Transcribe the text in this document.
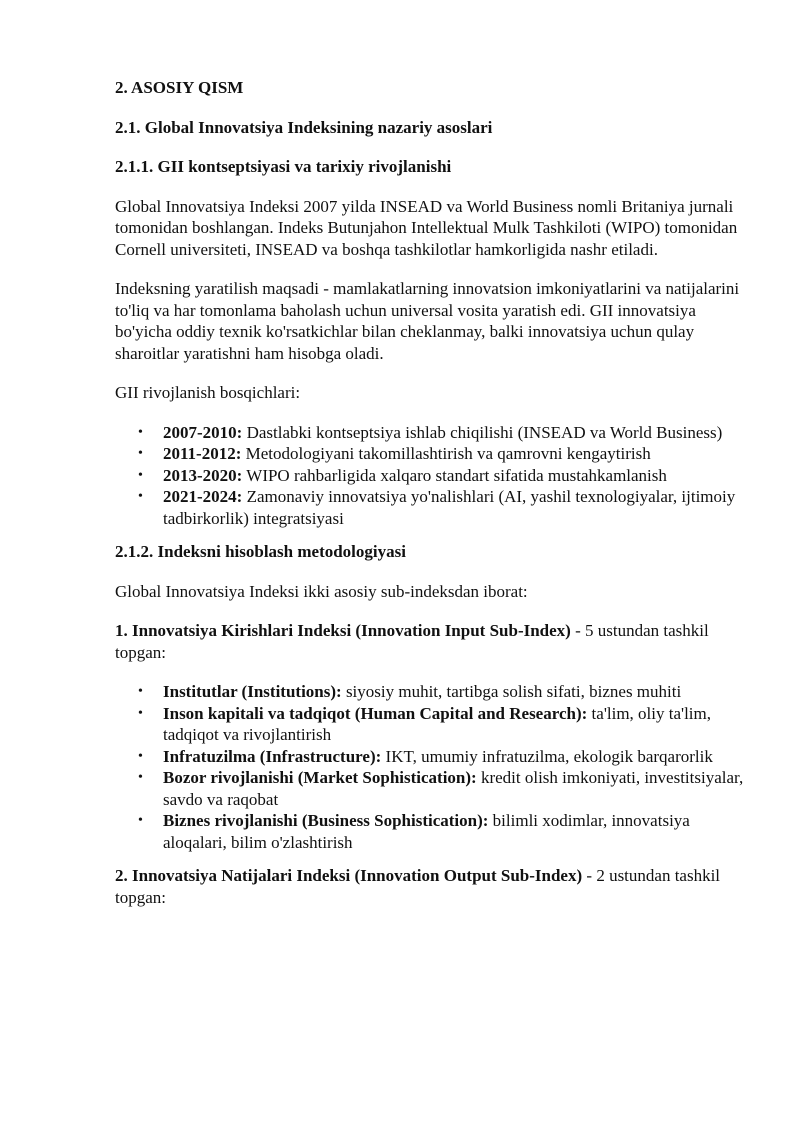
2. ASOSIY QISM
2.1. Global Innovatsiya Indeksining nazariy asoslari
2.1.1. GII kontseptsiyasi va tarixiy rivojlanishi

Global Innovatsiya Indeksi 2007 yilda INSEAD va World Business nomli Britaniya jurnali tomonidan boshlangan. Indeks Butunjahon Intellektual Mulk Tashkiloti (WIPO) tomonidan Cornell universiteti, INSEAD va boshqa tashkilotlar hamkorligida nashr etiladi.

Indeksning yaratilish maqsadi - mamlakatlarning innovatsion imkoniyatlarini va natijalarini to'liq va har tomonlama baholash uchun universal vosita yaratish edi. GII innovatsiya bo'yicha oddiy texnik ko'rsatkichlar bilan cheklanmay, balki innovatsiya uchun qulay sharoitlar yaratishni ham hisobga oladi.

GII rivojlanish bosqichlari:

• 2007-2010: Dastlabki kontseptsiya ishlab chiqilishi (INSEAD va World Business)
• 2011-2012: Metodologiyani takomillashtirish va qamrovni kengaytirish
• 2013-2020: WIPO rahbarligida xalqaro standart sifatida mustahkamlanish
• 2021-2024: Zamonaviy innovatsiya yo'nalishlari (AI, yashil texnologiyalar, ijtimoiy tadbirkorlik) integratsiyasi
2.1.2. Indeksni hisoblash metodologiyasi

Global Innovatsiya Indeksi ikki asosiy sub-indeksdan iborat:

1. Innovatsiya Kirishlari Indeksi (Innovation Input Sub-Index) - 5 ustundan tashkil topgan:

• Institutlar (Institutions): siyosiy muhit, tartibga solish sifati, biznes muhiti
• Inson kapitali va tadqiqot (Human Capital and Research): ta'lim, oliy ta'lim, tadqiqot va rivojlantirish
• Infratuzilma (Infrastructure): IKT, umumiy infratuzilma, ekologik barqarorlik
• Bozor rivojlanishi (Market Sophistication): kredit olish imkoniyati, investitsiyalar, savdo va raqobat
• Biznes rivojlanishi (Business Sophistication): bilimli xodimlar, innovatsiya aloqalari, bilim o'zlashtirish

2. Innovatsiya Natijalari Indeksi (Innovation Output Sub-Index) - 2 ustundan tashkil topgan:
